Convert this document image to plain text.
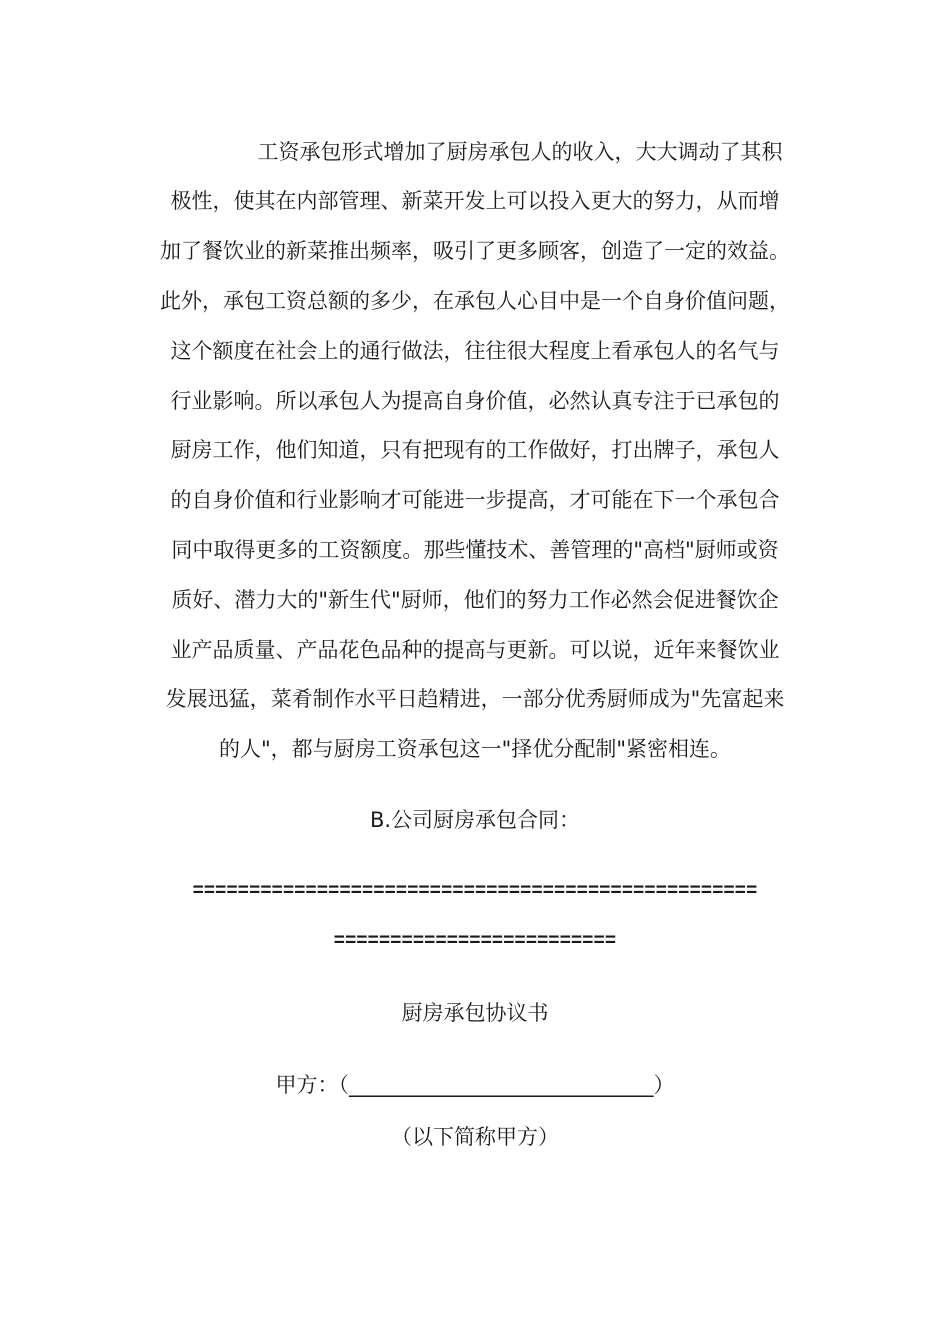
工资承包形式增加了厨房承包人的收入，大大调动了其积
极性，使其在内部管理、新菜开发上可以投入更大的努力，从而增
加了餐饮业的新菜推出频率，吸引了更多顾客，创造了一定的效益。
此外，承包工资总额的多少，在承包人心目中是一个自身价值问题，
这个额度在社会上的通行做法，往往很大程度上看承包人的名气与
行业影响。所以承包人为提高自身价值，必然认真专注于已承包的
厨房工作，他们知道，只有把现有的工作做好，打出牌子，承包人
的自身价值和行业影响才可能进一步提高，才可能在下一个承包合
同中取得更多的工资额度。那些懂技术、善管理的"高档"厨师或资
质好、潜力大的"新生代"厨师，他们的努力工作必然会促进餐饮企
业产品质量、产品花色品种的提高与更新。可以说，近年来餐饮业
发展迅猛，菜肴制作水平日趋精进，一部分优秀厨师成为"先富起来
的人"，都与厨房工资承包这一"择优分配制"紧密相连。
B.公司厨房承包合同：
==================================================
=========================
厨房承包协议书
甲方：（_____________________________）
（以下简称甲方）
